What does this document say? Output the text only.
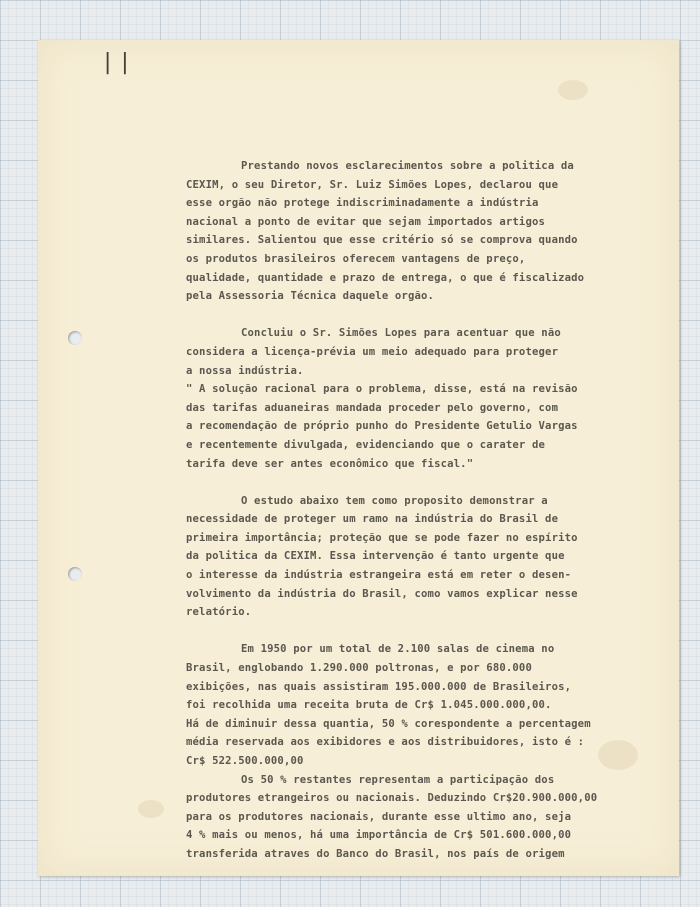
||
Prestando novos esclarecimentos sobre a politica da
CEXIM, o seu Diretor, Sr. Luiz Simões Lopes, declarou que
esse orgão não protege indiscriminadamente a indústria
nacional a ponto de evitar que sejam importados artigos
similares. Salientou que esse critério só se comprova quando
os produtos brasileiros oferecem vantagens de preço,
qualidade, quantidade e prazo de entrega, o que é fiscalizado
pela Assessoria Técnica daquele orgão.
Concluiu o Sr. Simões Lopes para acentuar que não
considera a licença-prévia um meio adequado para proteger
a nossa indústria.
" A solução racional para o problema, disse, está na revisão
das tarifas aduaneiras mandada proceder pelo governo, com
a recomendação de próprio punho do Presidente Getulio Vargas
e recentemente divulgada, evidenciando que o carater de
tarifa deve ser antes econômico que fiscal."
O estudo abaixo tem como proposito demonstrar a
necessidade de proteger um ramo na indústria do Brasil de
primeira importância; proteção que se pode fazer no espírito
da politica da CEXIM. Essa intervenção é tanto urgente que
o interesse da indústria estrangeira está em reter o desen-
volvimento da indústria do Brasil, como vamos explicar nesse
relatório.
Em 1950 por um total de 2.100 salas de cinema no
Brasil, englobando 1.290.000 poltronas, e por 680.000
exibições, nas quais assistiram 195.000.000 de Brasileiros,
foi recolhida uma receita bruta de Cr$ 1.045.000.000,00.
Há de diminuir dessa quantia, 50 % corespondente a percentagem
média reservada aos exibidores e aos distribuidores, isto é :
Cr$ 522.500.000,00
Os 50 % restantes representam a participação dos
produtores etrangeiros ou nacionais. Deduzindo Cr$20.900.000,00
para os produtores nacionais, durante esse ultimo ano, seja
4 % mais ou menos, há uma importância de Cr$ 501.600.000,00
transferida atraves do Banco do Brasil, nos país de origem
